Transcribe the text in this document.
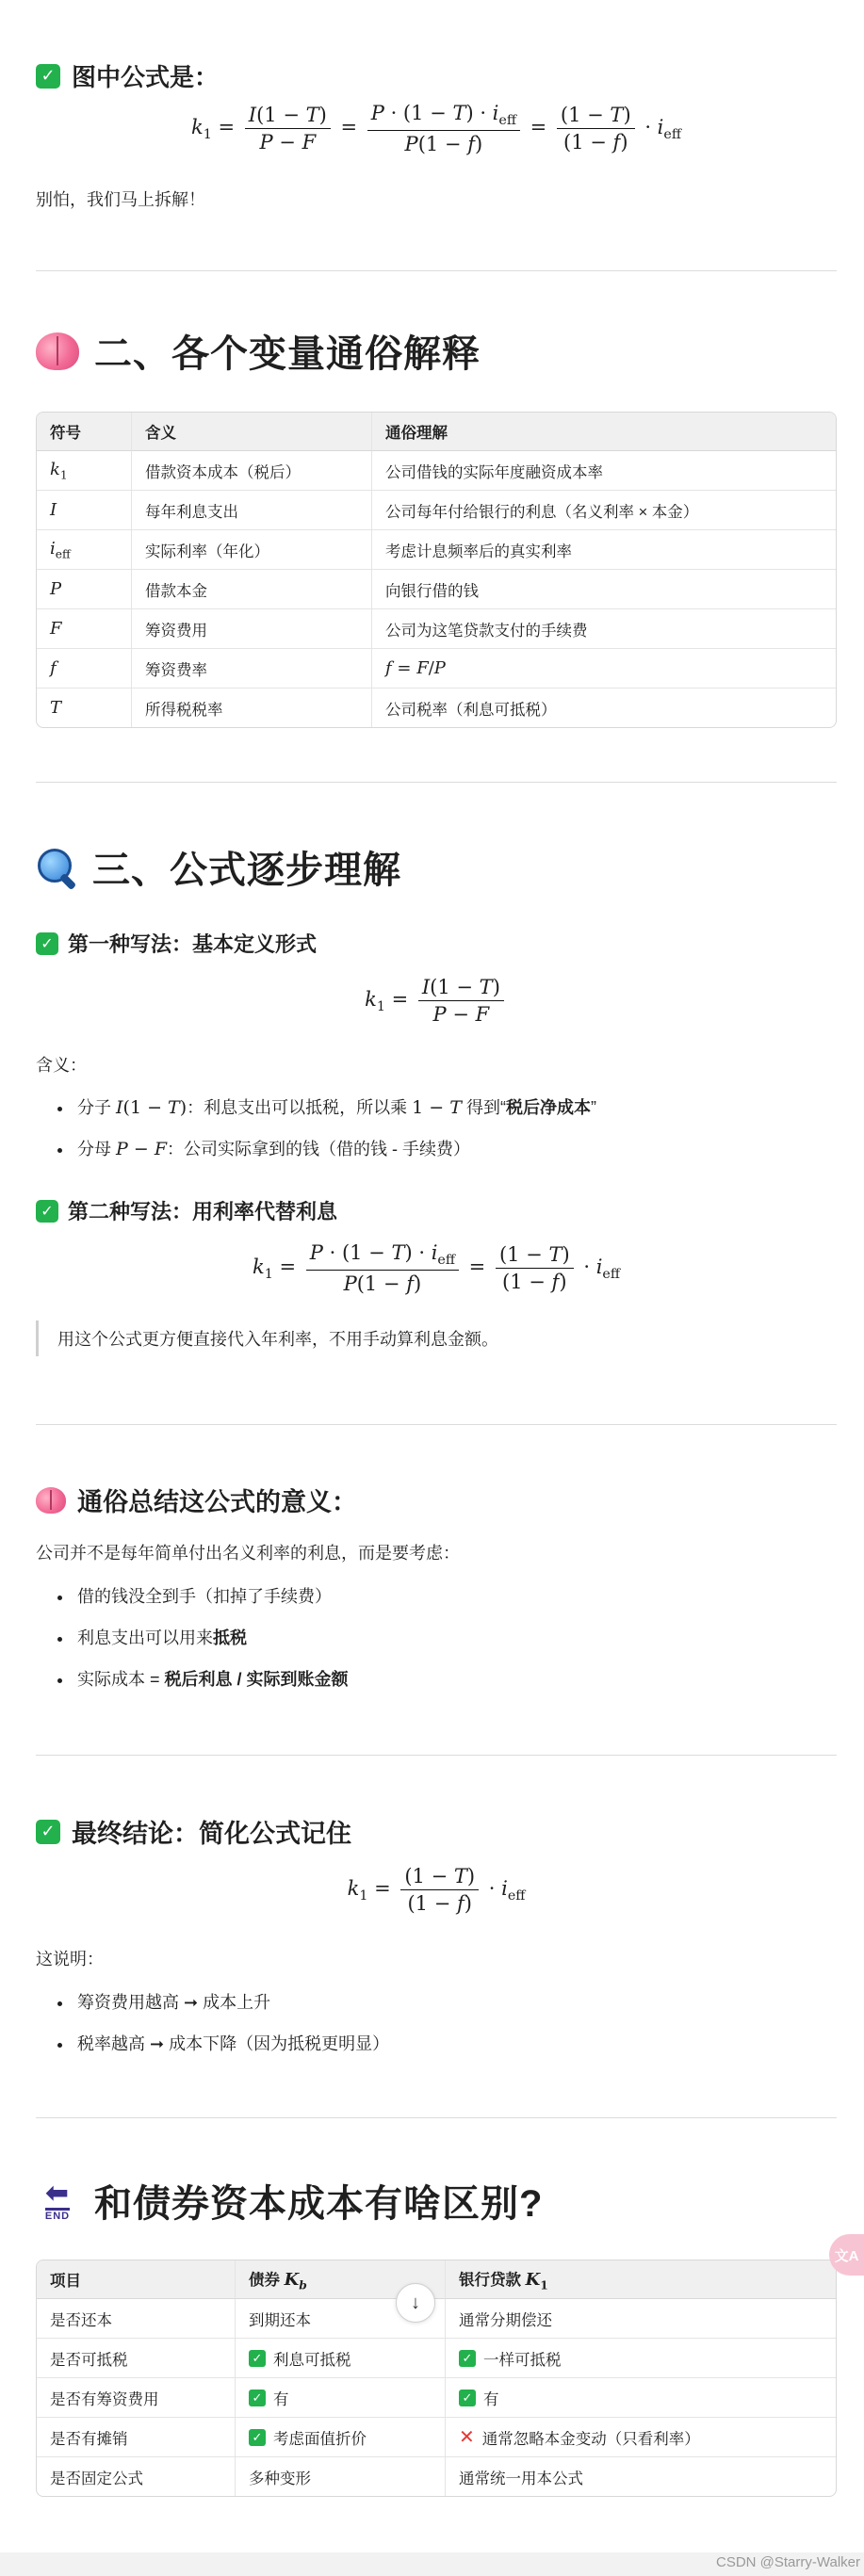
✓ 图中公式是：
$k_1 = \frac{I(1 - T)}{P - F} = \frac{P \cdot (1 - T) \cdot i_{eff}}{P(1 - f)} = \frac{(1 - T)}{(1 - f)} \cdot i_{eff}$

别怕，我们马上拆解！

二、各个变量通俗解释
符号	含义	通俗理解
$k_1$	借款资本成本（税后）	公司借钱的实际年度融资成本率
I	每年利息支出	公司每年付给银行的利息（名义利率 × 本金）
$i_{eff}$	实际利率（年化）	考虑计息频率后的真实利率
P	借款本金	向银行借的钱
F	筹资费用	公司为这笔贷款支付的手续费
f	筹资费率	f = F/P
T	所得税税率	公司税率（利息可抵税）
三、公式逐步理解
✓ 第一种写法：基本定义形式
$k_1 = \frac{I(1 - T)}{P - F}$

含义：

• 分子 I(1 − T)：利息支出可以抵税，所以乘 1 − T 得到“税后净成本”
• 分母 P − F：公司实际拿到的钱（借的钱 - 手续费）
✓ 第二种写法：用利率代替利息
$k_1 = \frac{P \cdot (1 - T) \cdot i_{eff}}{P(1 - f)} = \frac{(1 - T)}{(1 - f)} \cdot i_{eff}$
用这个公式更方便直接代入年利率，不用手动算利息金额。
通俗总结这公式的意义：

公司并不是每年简单付出名义利率的利息，而是要考虑：

• 借的钱没全到手（扣掉了手续费）
• 利息支出可以用来抵税
• 实际成本 = 税后利息 / 实际到账金额
✓ 最终结论：简化公式记住
$k_1 = \frac{(1 - T)}{(1 - f)} \cdot i_{eff}$

这说明：

• 筹资费用越高 ➞ 成本上升
• 税率越高 ➞ 成本下降（因为抵税更明显）
⬅
END 和债券资本成本有啥区别?
项目	债券 $K_b$	银行贷款 $K_1$
是否还本	到期还本	通常分期偿还
是否可抵税	✓ 利息可抵税	✓ 一样可抵税

是否有筹资费用	✓ 有	✓ 有

是否有摊销	✓ 考虑面值折价	✕ 通常忽略本金变动（只看利率）

是否固定公式	多种变形	通常统一用本公式
↓
文A
CSDN @Starry-Walker
